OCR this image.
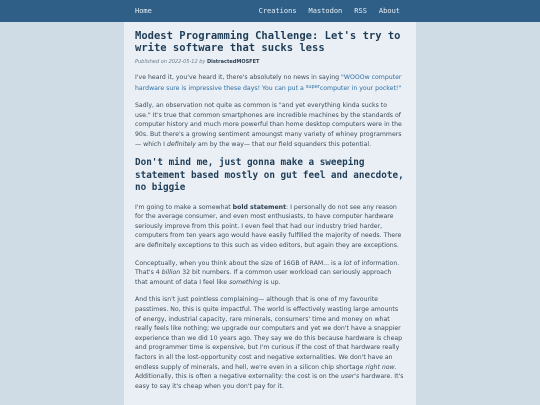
Home	Creations Mastodon RSS About
Modest Programming Challenge: Let's try to write software that sucks less
Published on 2022-05-12 by DistractedMOSFET

I've heard it, you've heard it, there's absolutely no news in saying "WOOOw computer hardware sure is impressive these days! You can put a $^{super}$computer in your pocket!"

Sadly, an observation not quite as common is "and yet everything kinda sucks to use." It's true that common smartphones are incredible machines by the standards of computer history and much more powerful than home desktop computers were in the 90s. But there's a growing sentiment amoungst many variety of whiney programmers— which I definitely am by the way— that our field squanders this potential.

Don't mind me, just gonna make a sweeping statement based mostly on gut feel and anecdote, no biggie

I'm going to make a somewhat bold statement: I personally do not see any reason for the average consumer, and even most enthusiasts, to have computer hardware seriously improve from this point. I even feel that had our industry tried harder, computers from ten years ago would have easily fulfilled the majority of needs. There are definitely exceptions to this such as video editors, but again they are exceptions.

Conceptually, when you think about the size of 16GB of RAM... is a lot of information. That's 4 billion 32 bit numbers. If a common user workload can seriously approach that amount of data I feel like something is up.

And this isn't just pointless complaining— although that is one of my favourite passtimes. No, this is quite impactful. The world is effectively wasting large amounts of energy, industrial capacity, rare minerals, consumers' time and money on what really feels like nothing; we upgrade our computers and yet we don't have a snappier experience than we did 10 years ago. They say we do this because hardware is cheap and programmer time is expensive, but I'm curious if the cost of that hardware really factors in all the lost-opportunity cost and negative externalities. We don't have an endless supply of minerals, and hell, we're even in a silicon chip shortage right now. Additionally, this is often a negative externality: the cost is on the user's hardware. It's easy to say it's cheap when you don't pay for it.
